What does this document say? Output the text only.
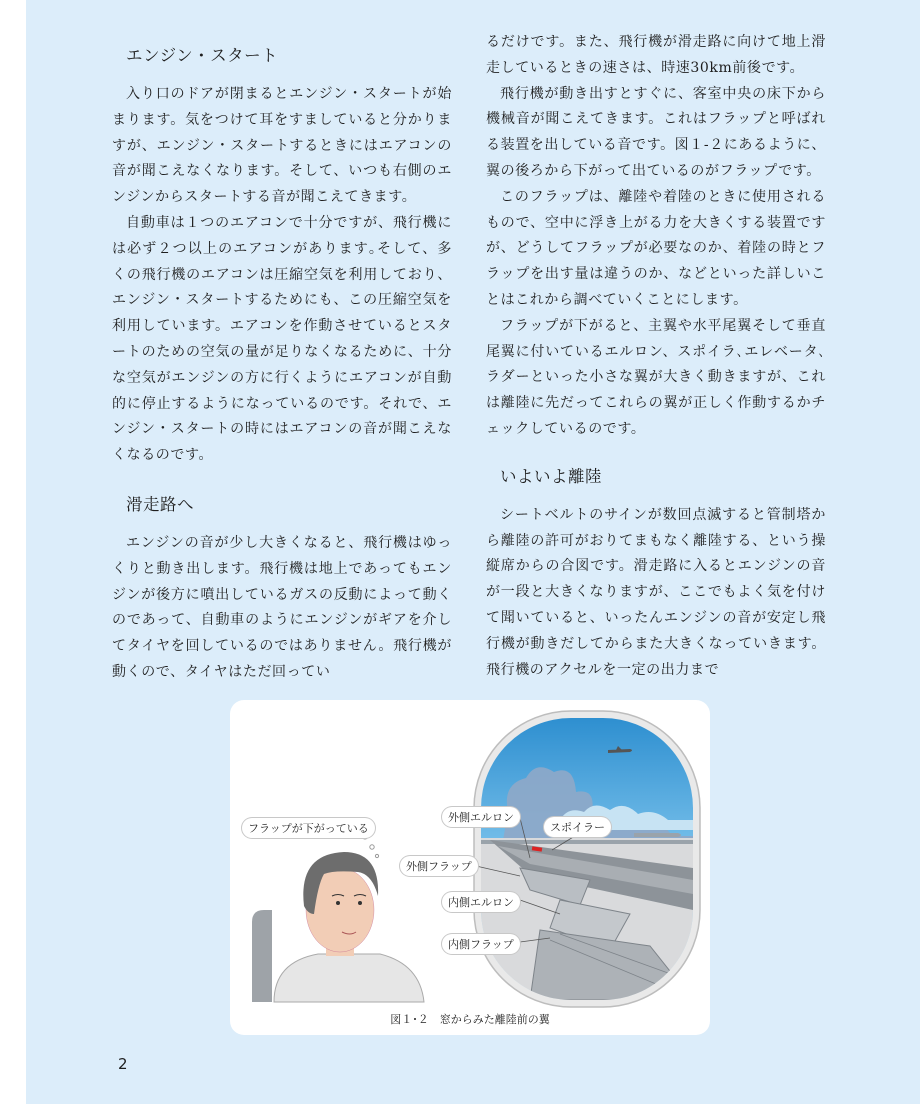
エンジン・スタート

入り口のドアが閉まるとエンジン・スタートが始まります。気をつけて耳をすましていると分かりますが、エンジン・スタートするときにはエアコンの音が聞こえなくなります。そして、いつも右側のエンジンからスタートする音が聞こえてきます。

自動車は１つのエアコンで十分ですが、飛行機には必ず２つ以上のエアコンがあります｡そして、多くの飛行機のエアコンは圧縮空気を利用しており、エンジン・スタートするためにも、この圧縮空気を利用しています。エアコンを作動させているとスタートのための空気の量が足りなくなるために、十分な空気がエンジンの方に行くようにエアコンが自動的に停止するようになっているのです。それで、エンジン・スタートの時にはエアコンの音が聞こえなくなるのです。

滑走路へ

エンジンの音が少し大きくなると、飛行機はゆっくりと動き出します。飛行機は地上であってもエンジンが後方に噴出しているガスの反動によって動くのであって、自動車のようにエンジンがギアを介してタイヤを回しているのではありません。飛行機が動くので、タイヤはただ回ってい

るだけです。また、飛行機が滑走路に向けて地上滑走しているときの速さは、時速30km前後です。

飛行機が動き出すとすぐに、客室中央の床下から機械音が聞こえてきます。これはフラップと呼ばれる装置を出している音です。図１-２にあるように、翼の後ろから下がって出ているのがフラップです。

このフラップは、離陸や着陸のときに使用されるもので、空中に浮き上がる力を大きくする装置ですが、どうしてフラップが必要なのか、着陸の時とフラップを出す量は違うのか、などといった詳しいことはこれから調べていくことにします。

フラップが下がると、主翼や水平尾翼そして垂直尾翼に付いているエルロン、スポイラ､エレベータ､ラダーといった小さな翼が大きく動きますが、これは離陸に先だってこれらの翼が正しく作動するかチェックしているのです。

いよいよ離陸

シートベルトのサインが数回点滅すると管制塔から離陸の許可がおりてまもなく離陸する、という操縦席からの合図です。滑走路に入るとエンジンの音が一段と大きくなりますが、ここでもよく気を付けて聞いていると、いったんエンジンの音が安定し飛行機が動きだしてからまた大きくなっていきます。飛行機のアクセルを一定の出力まで

フラップが下がっている
外側エルロン
スポイラー
外側フラップ
内側エルロン
内側フラップ
図１･２　窓からみた離陸前の翼
2
